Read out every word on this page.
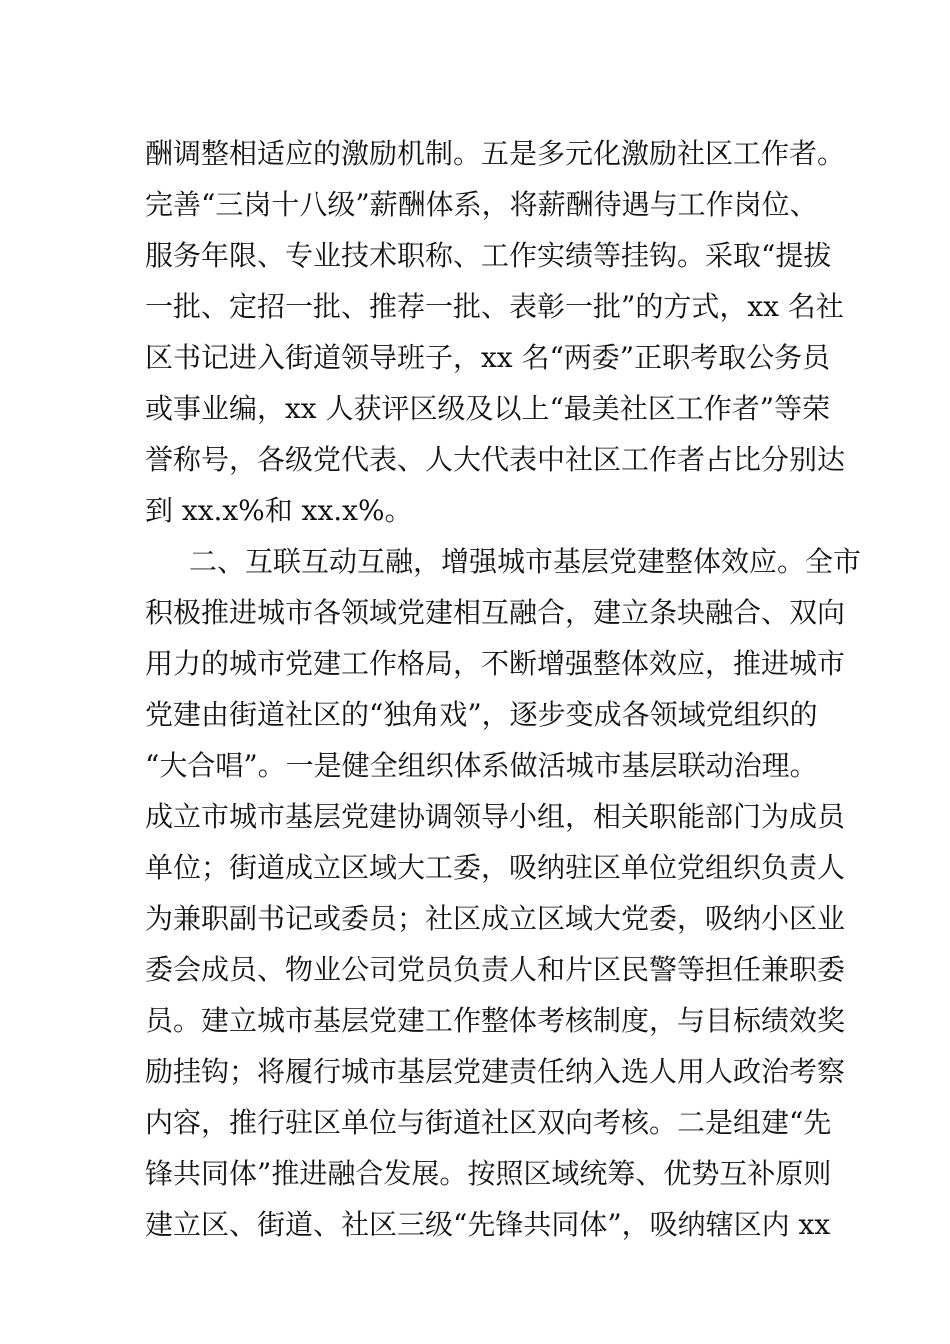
酬调整相适应的激励机制。五是多元化激励社区工作者。
完善“三岗十八级”薪酬体系，将薪酬待遇与工作岗位、
服务年限、专业技术职称、工作实绩等挂钩。采取“提拔
一批、定招一批、推荐一批、表彰一批”的方式，xx 名社
区书记进入街道领导班子，xx 名“两委”正职考取公务员
或事业编，xx 人获评区级及以上“最美社区工作者”等荣
誉称号，各级党代表、人大代表中社区工作者占比分别达
到 xx.x%和 xx.x%。
二、互联互动互融，增强城市基层党建整体效应。全市
积极推进城市各领域党建相互融合，建立条块融合、双向
用力的城市党建工作格局，不断增强整体效应，推进城市
党建由街道社区的“独角戏”，逐步变成各领域党组织的
“大合唱”。一是健全组织体系做活城市基层联动治理。
成立市城市基层党建协调领导小组，相关职能部门为成员
单位；街道成立区域大工委，吸纳驻区单位党组织负责人
为兼职副书记或委员；社区成立区域大党委，吸纳小区业
委会成员、物业公司党员负责人和片区民警等担任兼职委
员。建立城市基层党建工作整体考核制度，与目标绩效奖
励挂钩；将履行城市基层党建责任纳入选人用人政治考察
内容，推行驻区单位与街道社区双向考核。二是组建“先
锋共同体”推进融合发展。按照区域统筹、优势互补原则
建立区、街道、社区三级“先锋共同体”，吸纳辖区内 xx
